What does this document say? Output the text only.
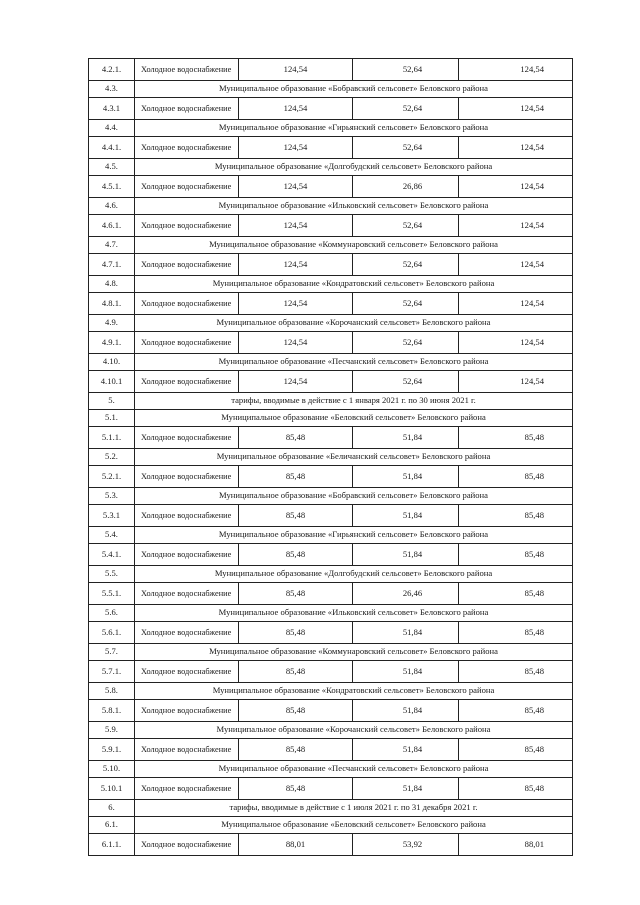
4.2.1.	Холодное водоснабжение	124,54	52,64	124,54
4.3.	Муниципальное образование «Бобравский сельсовет» Беловского района			
4.3.1	Холодное водоснабжение	124,54	52,64	124,54
4.4.	Муниципальное образование «Гирьянский сельсовет» Беловского района			
4.4.1.	Холодное водоснабжение	124,54	52,64	124,54
4.5.	Муниципальное образование «Долгобудский сельсовет» Беловского района			
4.5.1.	Холодное водоснабжение	124,54	26,86	124,54
4.6.	Муниципальное образование «Ильковский сельсовет» Беловского района			
4.6.1.	Холодное водоснабжение	124,54	52,64	124,54
4.7.	Муниципальное образование «Коммунаровский сельсовет» Беловского района			
4.7.1.	Холодное водоснабжение	124,54	52,64	124,54
4.8.	Муниципальное образование «Кондратовский сельсовет» Беловского района			
4.8.1.	Холодное водоснабжение	124,54	52,64	124,54
4.9.	Муниципальное образование «Корочанский сельсовет» Беловского района			
4.9.1.	Холодное водоснабжение	124,54	52,64	124,54
4.10.	Муниципальное образование «Песчанский сельсовет» Беловского района			
4.10.1	Холодное водоснабжение	124,54	52,64	124,54
5.	тарифы, вводимые в действие с 1 января 2021 г. по 30 июня 2021 г.			
5.1.	Муниципальное образование «Беловский сельсовет» Беловского района			
5.1.1.	Холодное водоснабжение	85,48	51,84	85,48
5.2.	Муниципальное образование «Беличанский сельсовет» Беловского района			
5.2.1.	Холодное водоснабжение	85,48	51,84	85,48
5.3.	Муниципальное образование «Бобравский сельсовет» Беловского района			
5.3.1	Холодное водоснабжение	85,48	51,84	85,48
5.4.	Муниципальное образование «Гирьянский сельсовет» Беловского района			
5.4.1.	Холодное водоснабжение	85,48	51,84	85,48
5.5.	Муниципальное образование «Долгобудский сельсовет» Беловского района			
5.5.1.	Холодное водоснабжение	85,48	26,46	85,48
5.6.	Муниципальное образование «Ильковский сельсовет» Беловского района			
5.6.1.	Холодное водоснабжение	85,48	51,84	85,48
5.7.	Муниципальное образование «Коммунаровский сельсовет» Беловского района			
5.7.1.	Холодное водоснабжение	85,48	51,84	85,48
5.8.	Муниципальное образование «Кондратовский сельсовет» Беловского района			
5.8.1.	Холодное водоснабжение	85,48	51,84	85,48
5.9.	Муниципальное образование «Корочанский сельсовет» Беловского района			
5.9.1.	Холодное водоснабжение	85,48	51,84	85,48
5.10.	Муниципальное образование «Песчанский сельсовет» Беловского района			
5.10.1	Холодное водоснабжение	85,48	51,84	85,48
6.	тарифы, вводимые в действие с 1 июля 2021 г. по 31 декабря 2021 г.			
6.1.	Муниципальное образование «Беловский сельсовет» Беловского района			
6.1.1.	Холодное водоснабжение	88,01	53,92	88,01
